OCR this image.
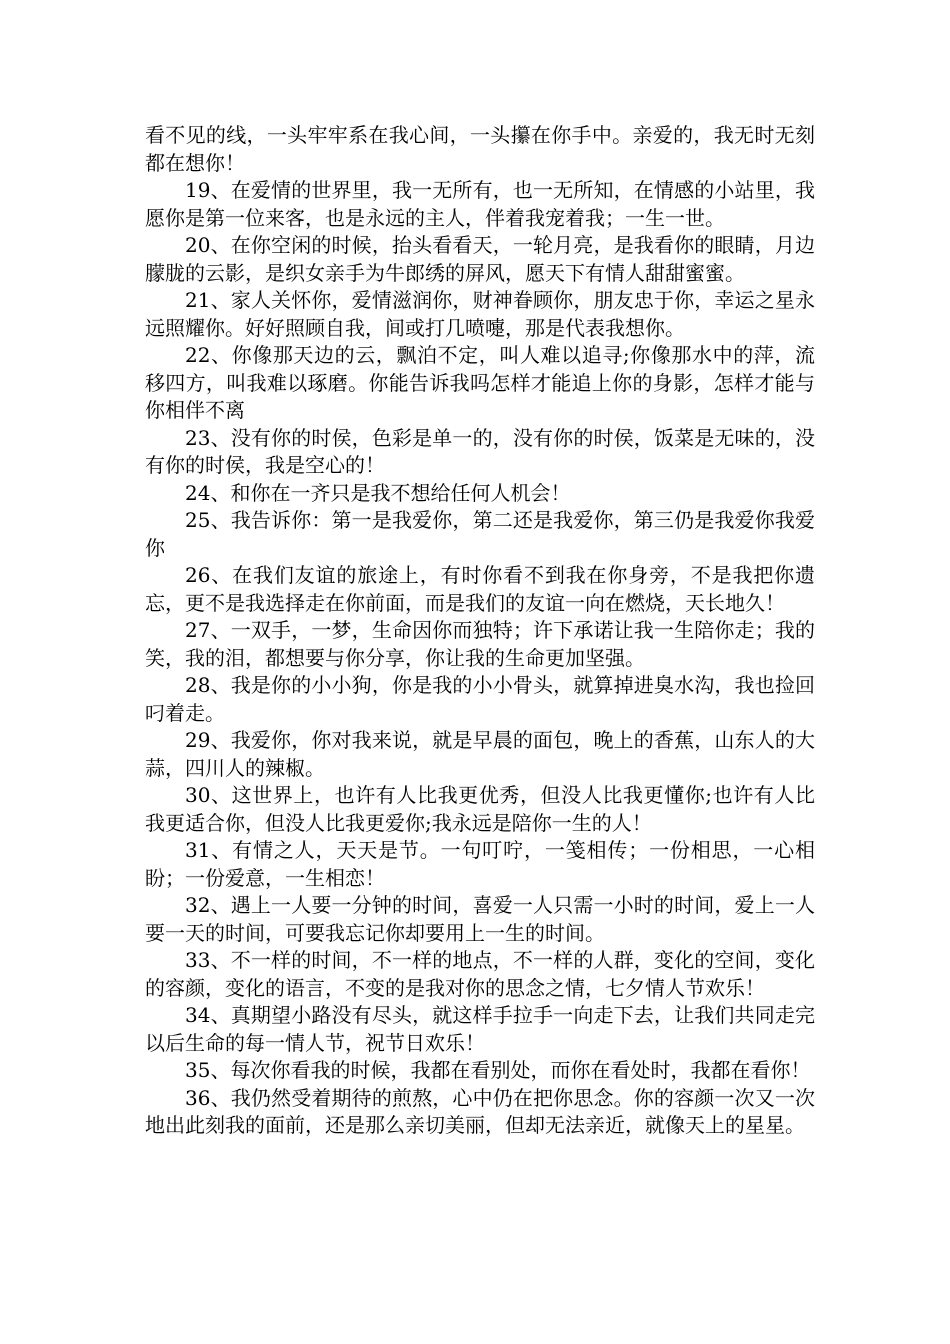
看不见的线，一头牢牢系在我心间，一头攥在你手中。亲爱的，我无时无刻都在想你！

19、在爱情的世界里，我一无所有，也一无所知，在情感的小站里，我愿你是第一位来客，也是永远的主人，伴着我宠着我；一生一世。

20、在你空闲的时候，抬头看看天，一轮月亮，是我看你的眼睛，月边朦胧的云影，是织女亲手为牛郎绣的屏风，愿天下有情人甜甜蜜蜜。

21、家人关怀你，爱情滋润你，财神眷顾你，朋友忠于你，幸运之星永远照耀你。好好照顾自我，间或打几喷嚏，那是代表我想你。

22、你像那天边的云，飘泊不定，叫人难以追寻;你像那水中的萍，流移四方，叫我难以琢磨。你能告诉我吗怎样才能追上你的身影，怎样才能与你相伴不离

23、没有你的时侯，色彩是单一的，没有你的时侯，饭菜是无味的，没有你的时侯，我是空心的！

24、和你在一齐只是我不想给任何人机会！

25、我告诉你：第一是我爱你，第二还是我爱你，第三仍是我爱你我爱你

26、在我们友谊的旅途上，有时你看不到我在你身旁，不是我把你遗忘，更不是我选择走在你前面，而是我们的友谊一向在燃烧，天长地久！

27、一双手，一梦，生命因你而独特；许下承诺让我一生陪你走；我的笑，我的泪，都想要与你分享，你让我的生命更加坚强。

28、我是你的小小狗，你是我的小小骨头，就算掉进臭水沟，我也捡回叼着走。

29、我爱你，你对我来说，就是早晨的面包，晚上的香蕉，山东人的大蒜，四川人的辣椒。

30、这世界上，也许有人比我更优秀，但没人比我更懂你;也许有人比我更适合你，但没人比我更爱你;我永远是陪你一生的人！

31、有情之人，天天是节。一句叮咛，一笺相传；一份相思，一心相盼；一份爱意，一生相恋！

32、遇上一人要一分钟的时间，喜爱一人只需一小时的时间，爱上一人要一天的时间，可要我忘记你却要用上一生的时间。

33、不一样的时间，不一样的地点，不一样的人群，变化的空间，变化的容颜，变化的语言，不变的是我对你的思念之情，七夕情人节欢乐！

34、真期望小路没有尽头，就这样手拉手一向走下去，让我们共同走完以后生命的每一情人节，祝节日欢乐！

35、每次你看我的时候，我都在看别处，而你在看处时，我都在看你！

36、我仍然受着期待的煎熬，心中仍在把你思念。你的容颜一次又一次地出此刻我的面前，还是那么亲切美丽，但却无法亲近，就像天上的星星。
